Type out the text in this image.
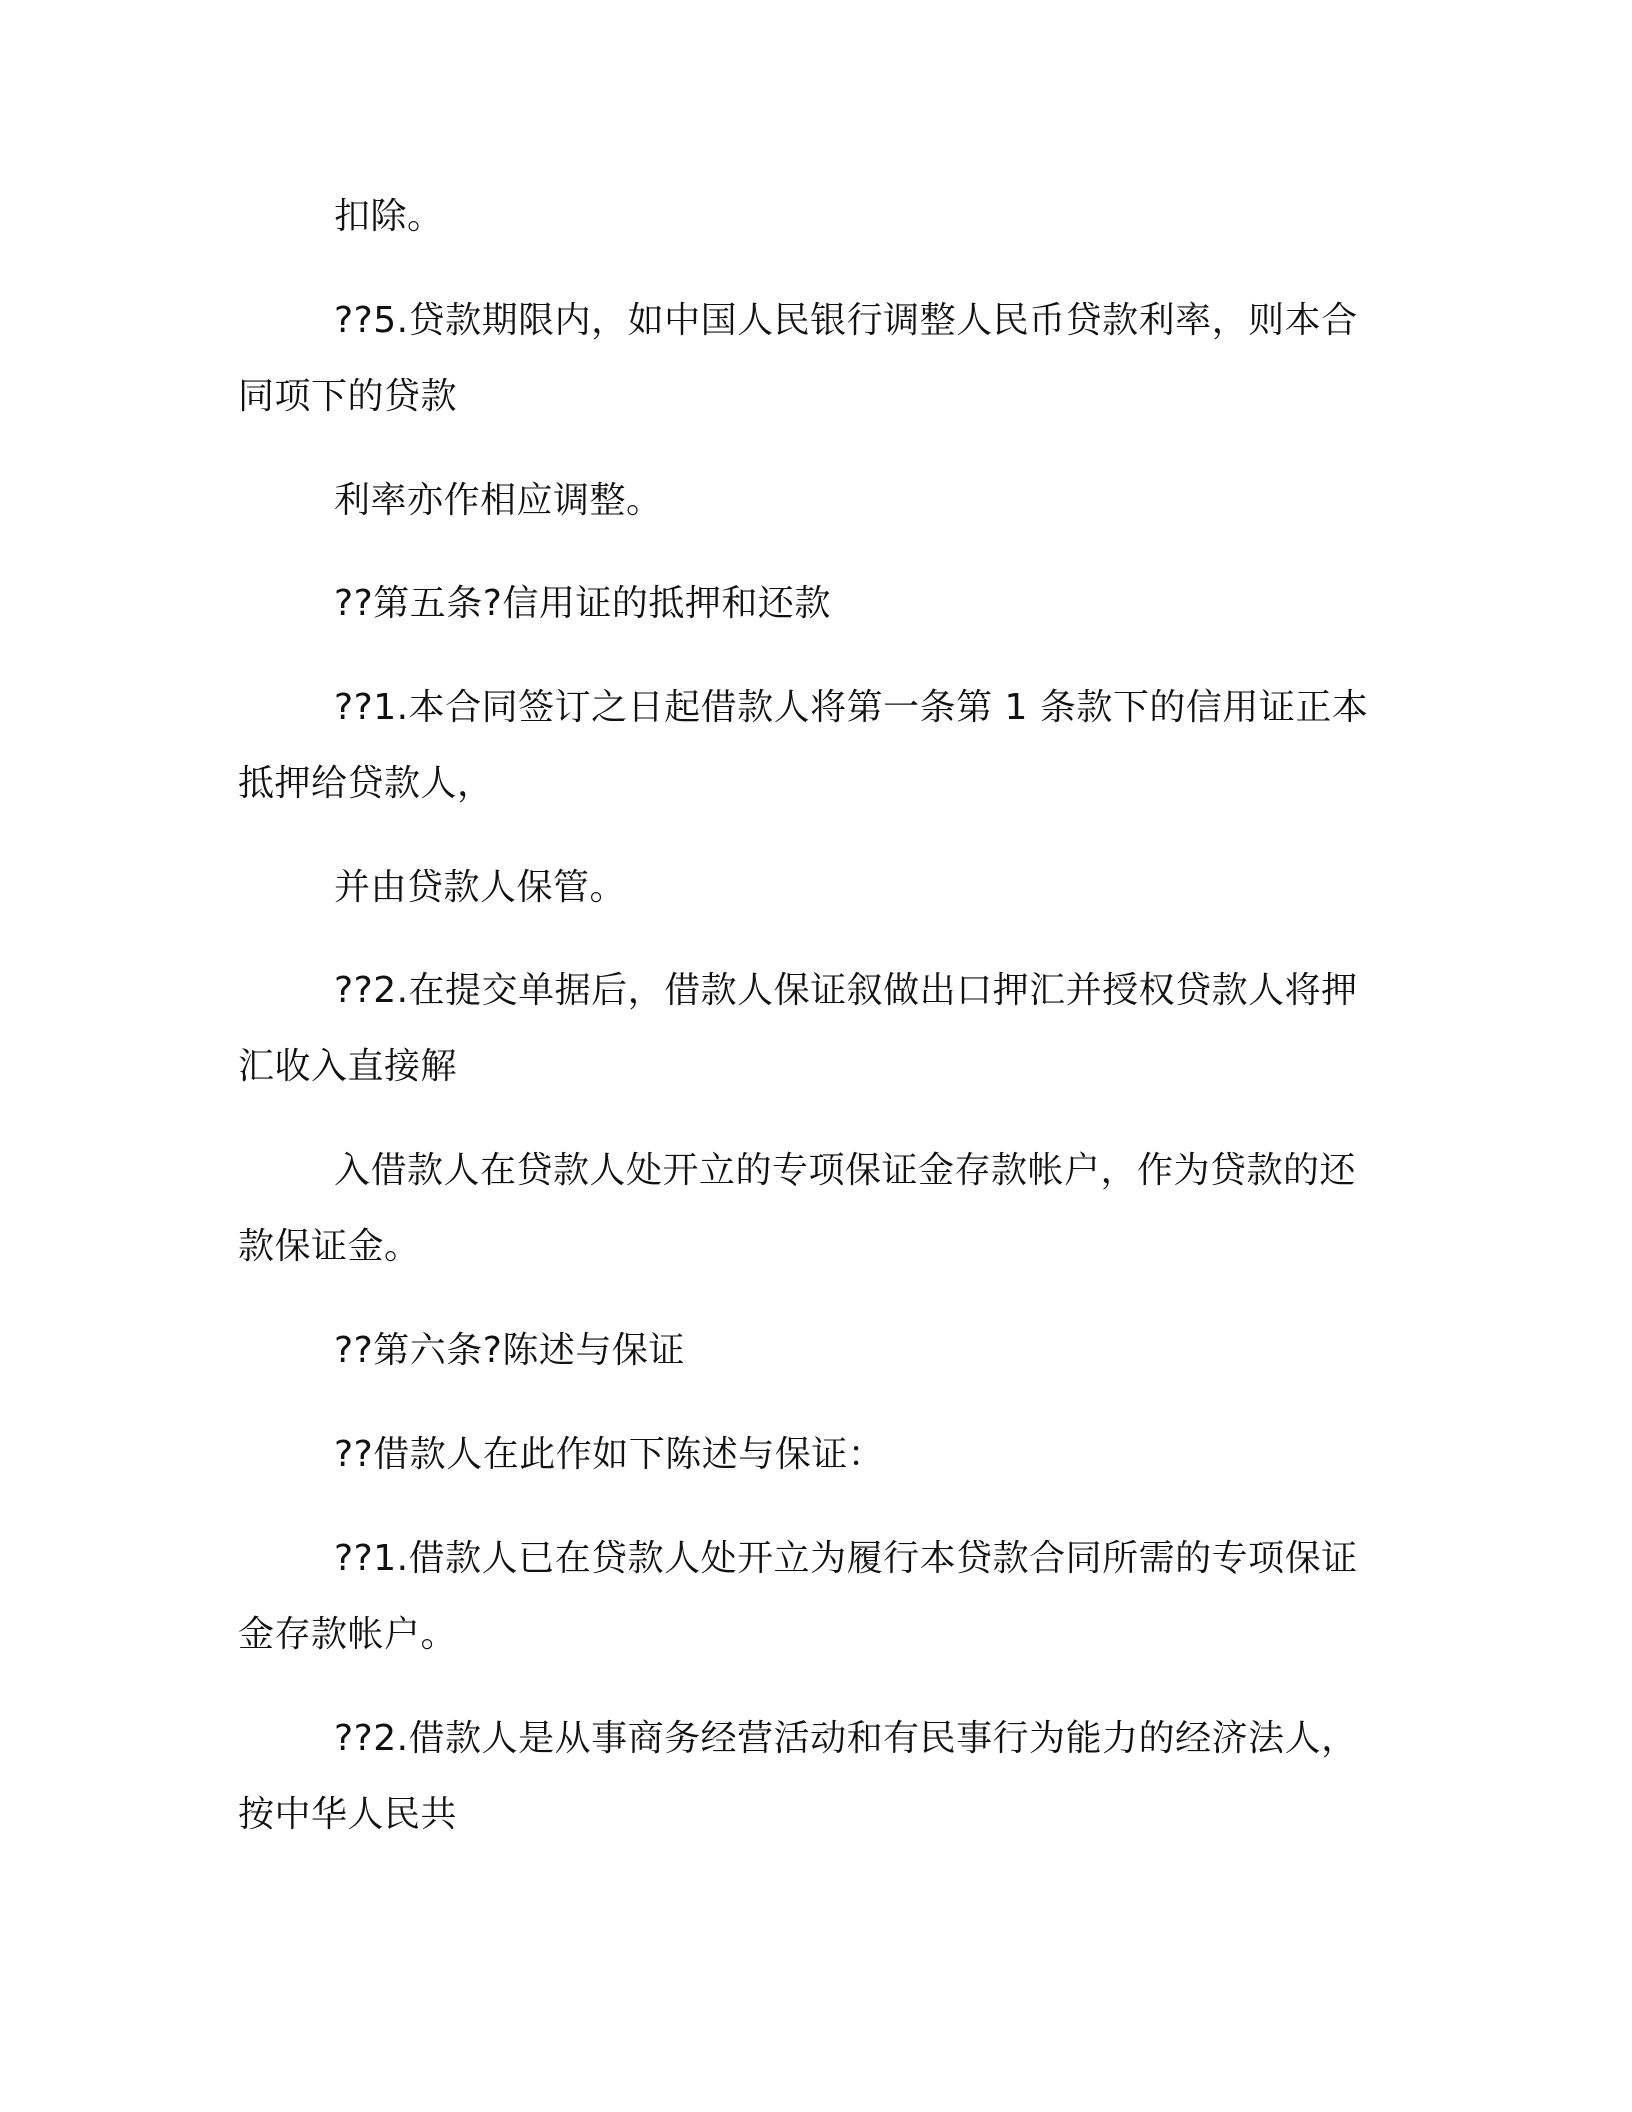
扣除。
??5.贷款期限内，如中国人民银行调整人民币贷款利率，则本合
同项下的贷款
利率亦作相应调整。
??第五条?信用证的抵押和还款
??1.本合同签订之日起借款人将第一条第 1 条款下的信用证正本
抵押给贷款人，
并由贷款人保管。
??2.在提交单据后，借款人保证叙做出口押汇并授权贷款人将押
汇收入直接解
入借款人在贷款人处开立的专项保证金存款帐户，作为贷款的还
款保证金。
??第六条?陈述与保证
??借款人在此作如下陈述与保证：
??1.借款人已在贷款人处开立为履行本贷款合同所需的专项保证
金存款帐户。
??2.借款人是从事商务经营活动和有民事行为能力的经济法人，
按中华人民共
